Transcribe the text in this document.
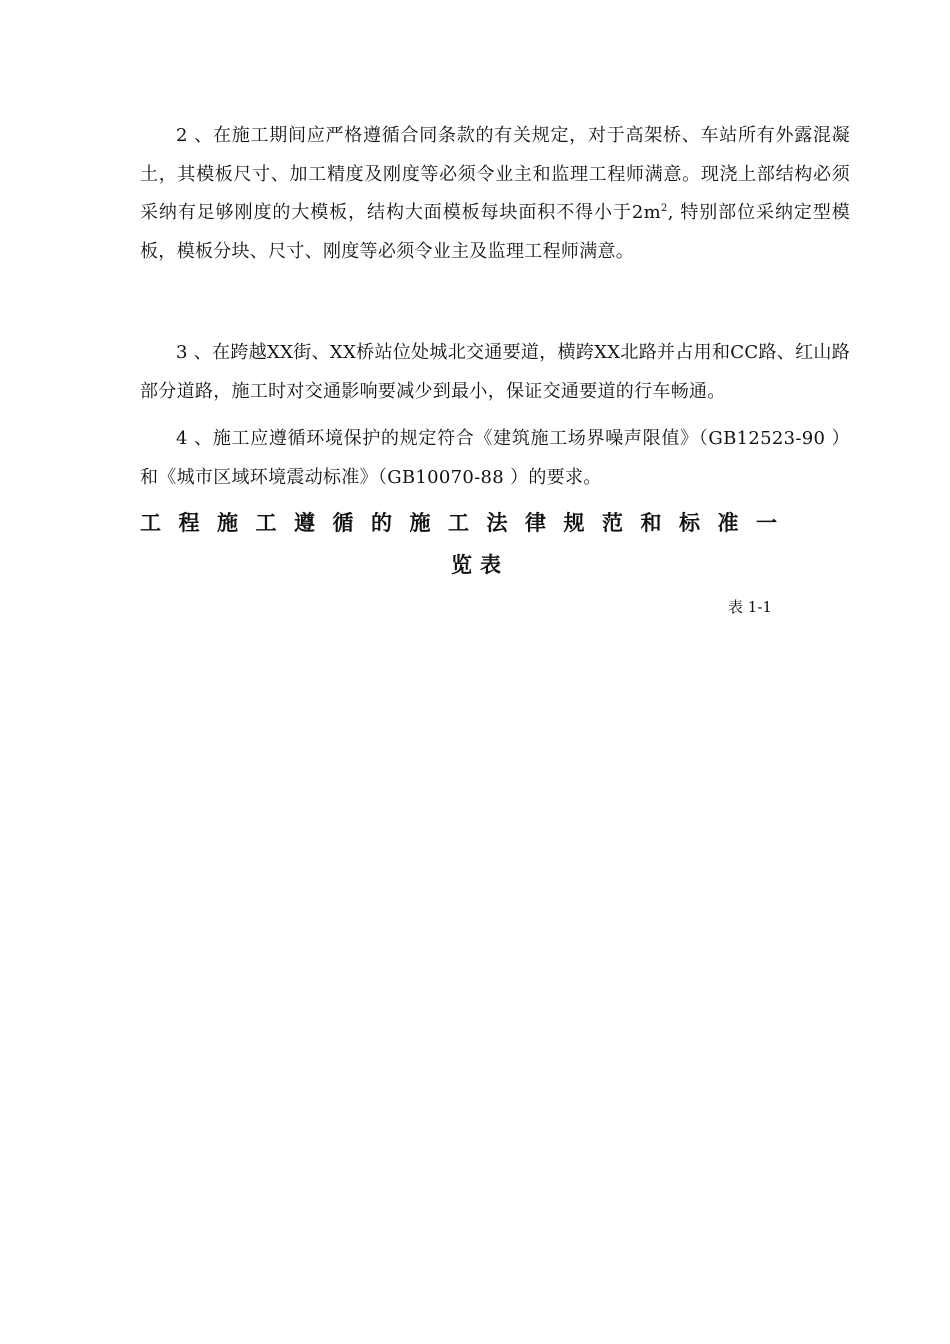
2 、在施工期间应严格遵循合同条款的有关规定，对于高架桥、车站所有外露混凝土，其模板尺寸、加工精度及刚度等必须令业主和监理工程师满意。现浇上部结构必须采纳有足够刚度的大模板，结构大面模板每块面积不得小于$2m^2$, 特别部位采纳定型模板，模板分块、尺寸、刚度等必须令业主及监理工程师满意。

3 、在跨越XX街、XX桥站位处城北交通要道，横跨XX北路并占用和CC路、红山路部分道路，施工时对交通影响要减少到最小，保证交通要道的行车畅通。

4 、施工应遵循环境保护的规定符合《建筑施工场界噪声限值》（GB12523-90 ）和《城市区域环境震动标准》（GB10070-88 ）的要求。

工程施工遵循的施工法律规范和标准一
览表
表 1-1
